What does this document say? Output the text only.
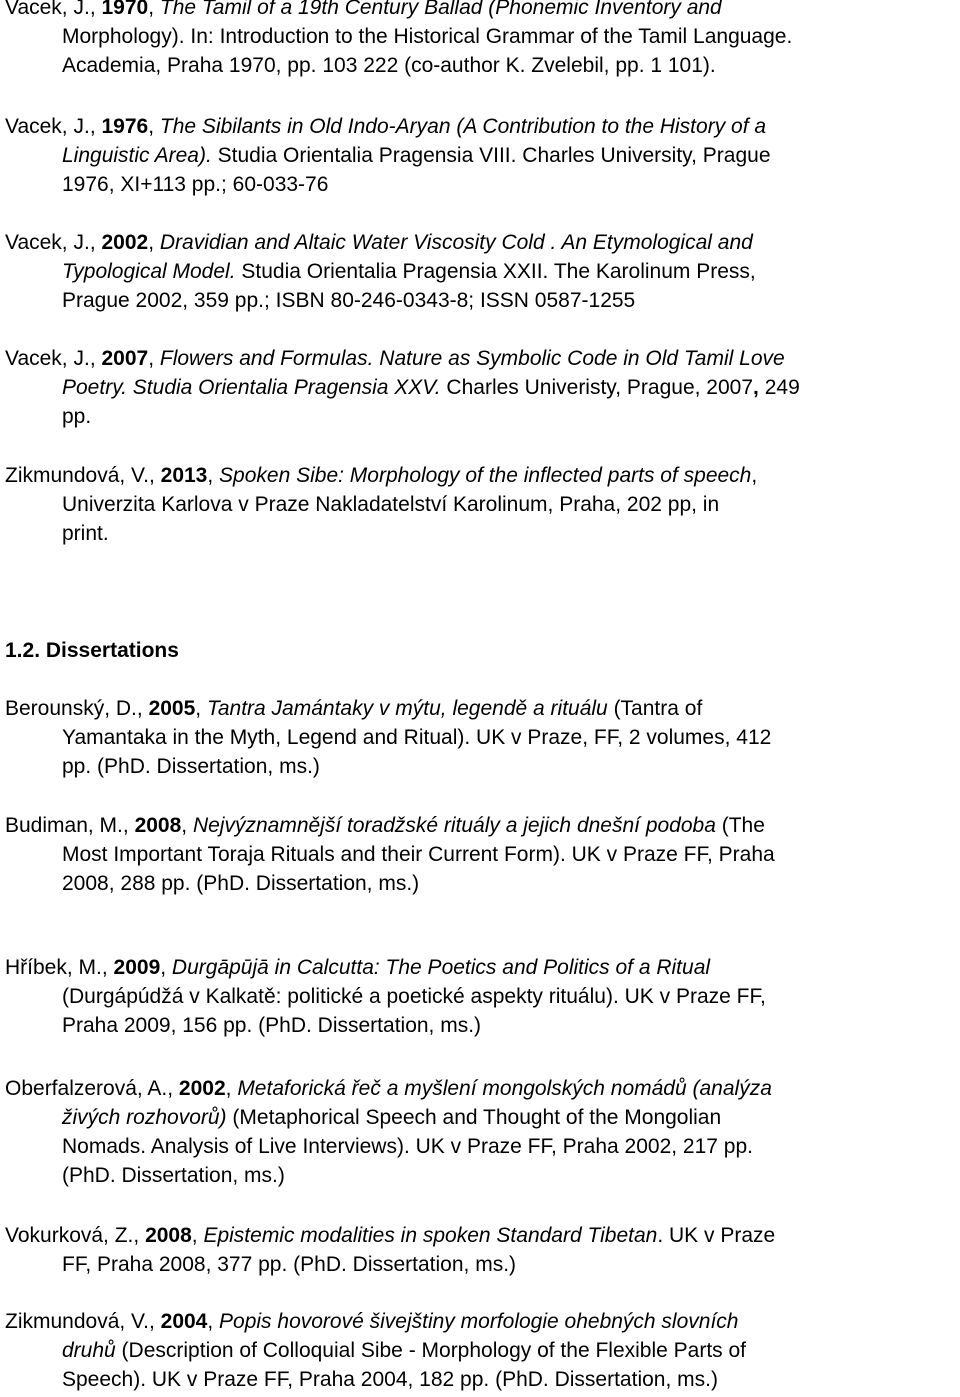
Vacek, J., 1970, The Tamil of a 19th Century Ballad (Phonemic Inventory and
Morphology). In: Introduction to the Historical Grammar of the Tamil Language.
Academia, Praha 1970, pp. 103 222 (co-author K. Zvelebil, pp. 1 101).
Vacek, J., 1976, The Sibilants in Old Indo-Aryan (A Contribution to the History of a
Linguistic Area). Studia Orientalia Pragensia VIII. Charles University, Prague
1976, XI+113 pp.; 60-033-76
Vacek, J., 2002, Dravidian and Altaic Water Viscosity Cold . An Etymological and
Typological Model. Studia Orientalia Pragensia XXII. The Karolinum Press,
Prague 2002, 359 pp.; ISBN 80-246-0343-8; ISSN 0587-1255
Vacek, J., 2007, Flowers and Formulas. Nature as Symbolic Code in Old Tamil Love
Poetry. Studia Orientalia Pragensia XXV. Charles Univeristy, Prague, 2007, 249
pp.
Zikmundová, V., 2013, Spoken Sibe: Morphology of the inflected parts of speech,
Univerzita Karlova v Praze Nakladatelství Karolinum, Praha, 202 pp, in
print.
1.2. Dissertations
Berounský, D., 2005, Tantra Jamántaky v mýtu, legendě a rituálu (Tantra of
Yamantaka in the Myth, Legend and Ritual). UK v Praze, FF, 2 volumes, 412
pp. (PhD. Dissertation, ms.)
Budiman, M., 2008, Nejvýznamnější toradžské rituály a jejich dnešní podoba (The
Most Important Toraja Rituals and their Current Form). UK v Praze FF, Praha
2008, 288 pp. (PhD. Dissertation, ms.)
Hříbek, M., 2009, Durgāpūjā in Calcutta: The Poetics and Politics of a Ritual
(Durgápúdžá v Kalkatě: politické a poetické aspekty rituálu). UK v Praze FF,
Praha 2009, 156 pp. (PhD. Dissertation, ms.)
Oberfalzerová, A., 2002, Metaforická řeč a myšlení mongolských nomádů (analýza
živých rozhovorů) (Metaphorical Speech and Thought of the Mongolian
Nomads. Analysis of Live Interviews). UK v Praze FF, Praha 2002, 217 pp.
(PhD. Dissertation, ms.)
Vokurková, Z., 2008, Epistemic modalities in spoken Standard Tibetan. UK v Praze
FF, Praha 2008, 377 pp. (PhD. Dissertation, ms.)
Zikmundová, V., 2004, Popis hovorové šivejštiny morfologie ohebných slovních
druhů (Description of Colloquial Sibe - Morphology of the Flexible Parts of
Speech). UK v Praze FF, Praha 2004, 182 pp. (PhD. Dissertation, ms.)
